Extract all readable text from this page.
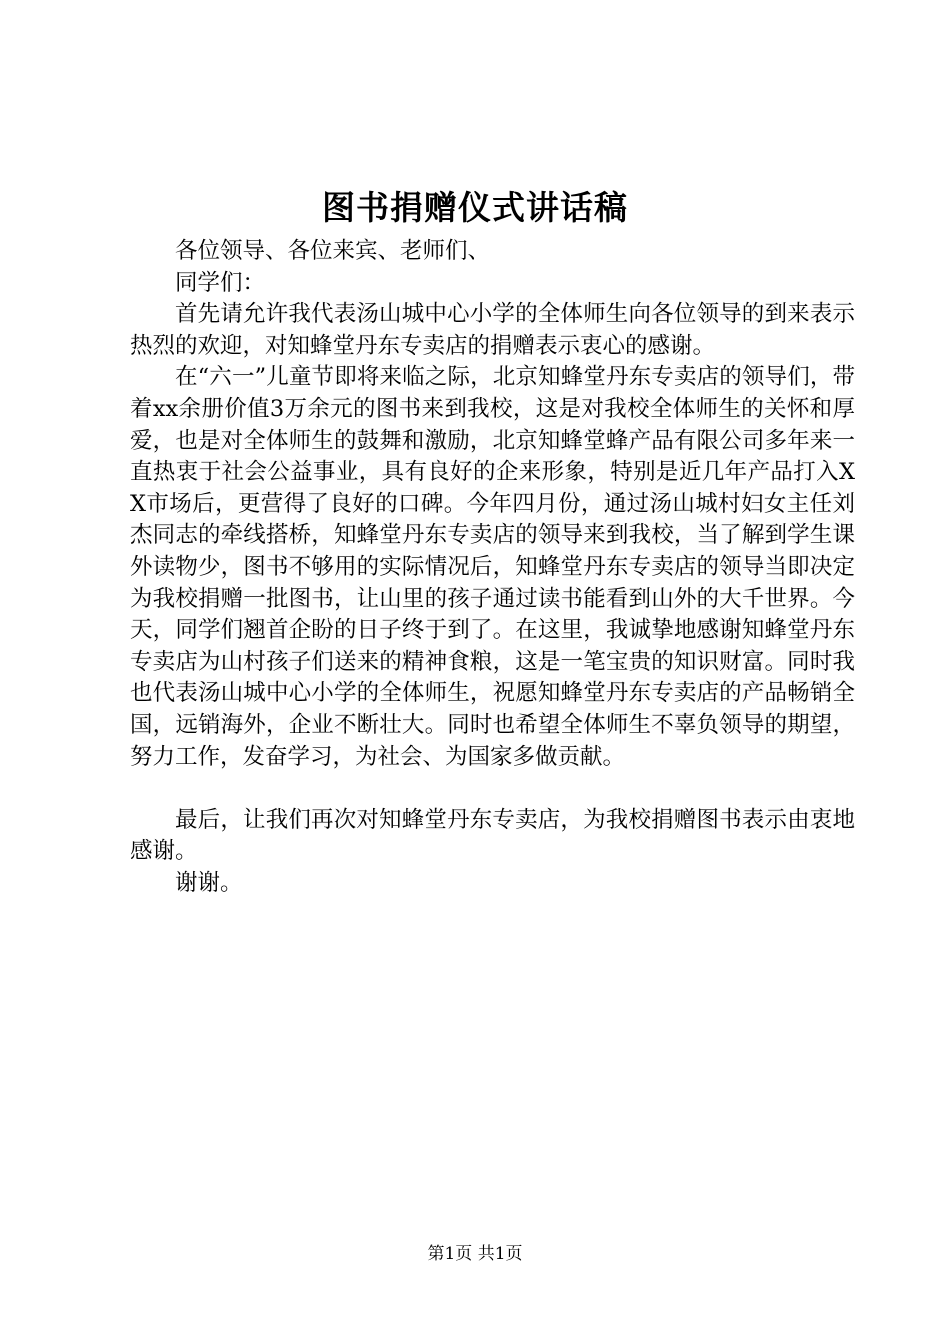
图书捐赠仪式讲话稿

各位领导、各位来宾、老师们、

同学们：

首先请允许我代表汤山城中心小学的全体师生向各位领导的到来表示热烈的欢迎，对知蜂堂丹东专卖店的捐赠表示衷心的感谢。

在“六一”儿童节即将来临之际，北京知蜂堂丹东专卖店的领导们，带着xx余册价值3万余元的图书来到我校，这是对我校全体师生的关怀和厚爱，也是对全体师生的鼓舞和激励，北京知蜂堂蜂产品有限公司多年来一直热衷于社会公益事业，具有良好的企来形象，特别是近几年产品打入XX市场后，更营得了良好的口碑。今年四月份，通过汤山城村妇女主任刘杰同志的牵线搭桥，知蜂堂丹东专卖店的领导来到我校，当了解到学生课外读物少，图书不够用的实际情况后，知蜂堂丹东专卖店的领导当即决定为我校捐赠一批图书，让山里的孩子通过读书能看到山外的大千世界。今天，同学们翘首企盼的日子终于到了。在这里，我诚挚地感谢知蜂堂丹东专卖店为山村孩子们送来的精神食粮，这是一笔宝贵的知识财富。同时我也代表汤山城中心小学的全体师生，祝愿知蜂堂丹东专卖店的产品畅销全国，远销海外，企业不断壮大。同时也希望全体师生不辜负领导的期望，努力工作，发奋学习，为社会、为国家多做贡献。

最后，让我们再次对知蜂堂丹东专卖店，为我校捐赠图书表示由衷地感谢。

谢谢。

第1页 共1页
